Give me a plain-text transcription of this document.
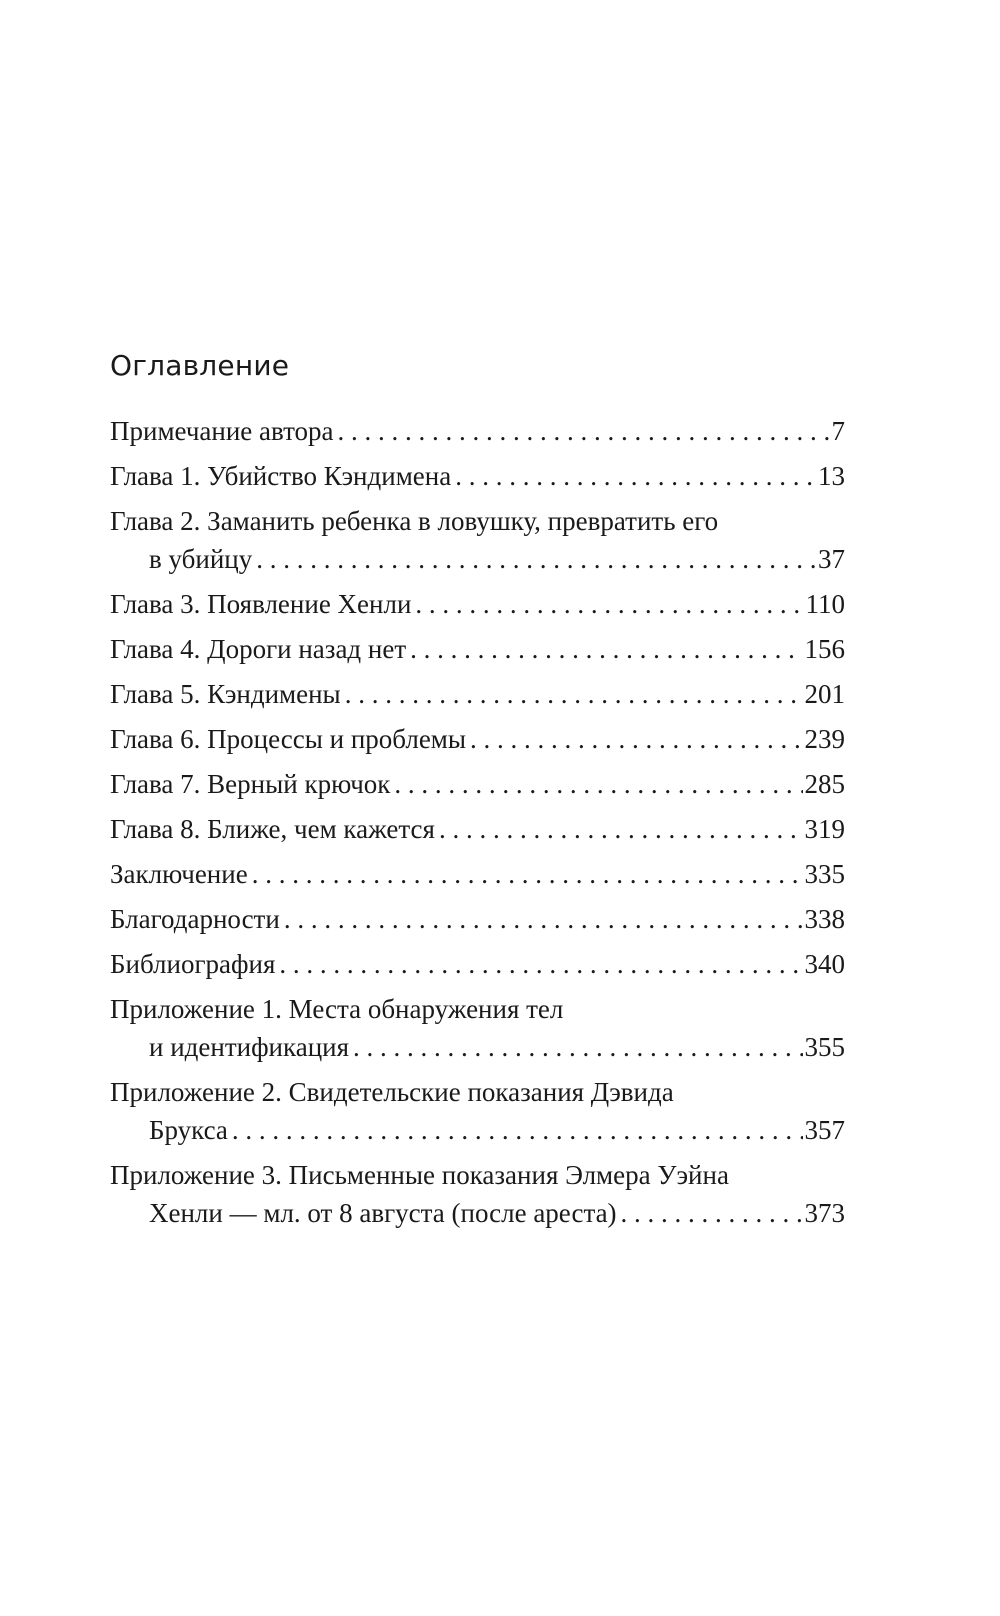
Оглавление
Примечание автора . . .	7
Глава 1. Убийство Кэндимена . . .	13
Глава 2. Заманить ребенка в ловушку, превратить его
в убийцу . . .	37
Глава 3. Появление Хенли . . .	110
Глава 4. Дороги назад нет . . .	156
Глава 5. Кэндимены . . .	201
Глава 6. Процессы и проблемы . . .	239
Глава 7. Верный крючок . . .	285
Глава 8. Ближе, чем кажется . . .	319
Заключение . . .	335
Благодарности . . .	338
Библиография . . .	340
Приложение 1. Места обнаружения тел
и идентификация . . .	355
Приложение 2. Свидетельские показания Дэвида
Брукса . . .	357
Приложение 3. Письменные показания Элмера Уэйна
Хенли — мл. от 8 августа (после ареста) . . .	373
